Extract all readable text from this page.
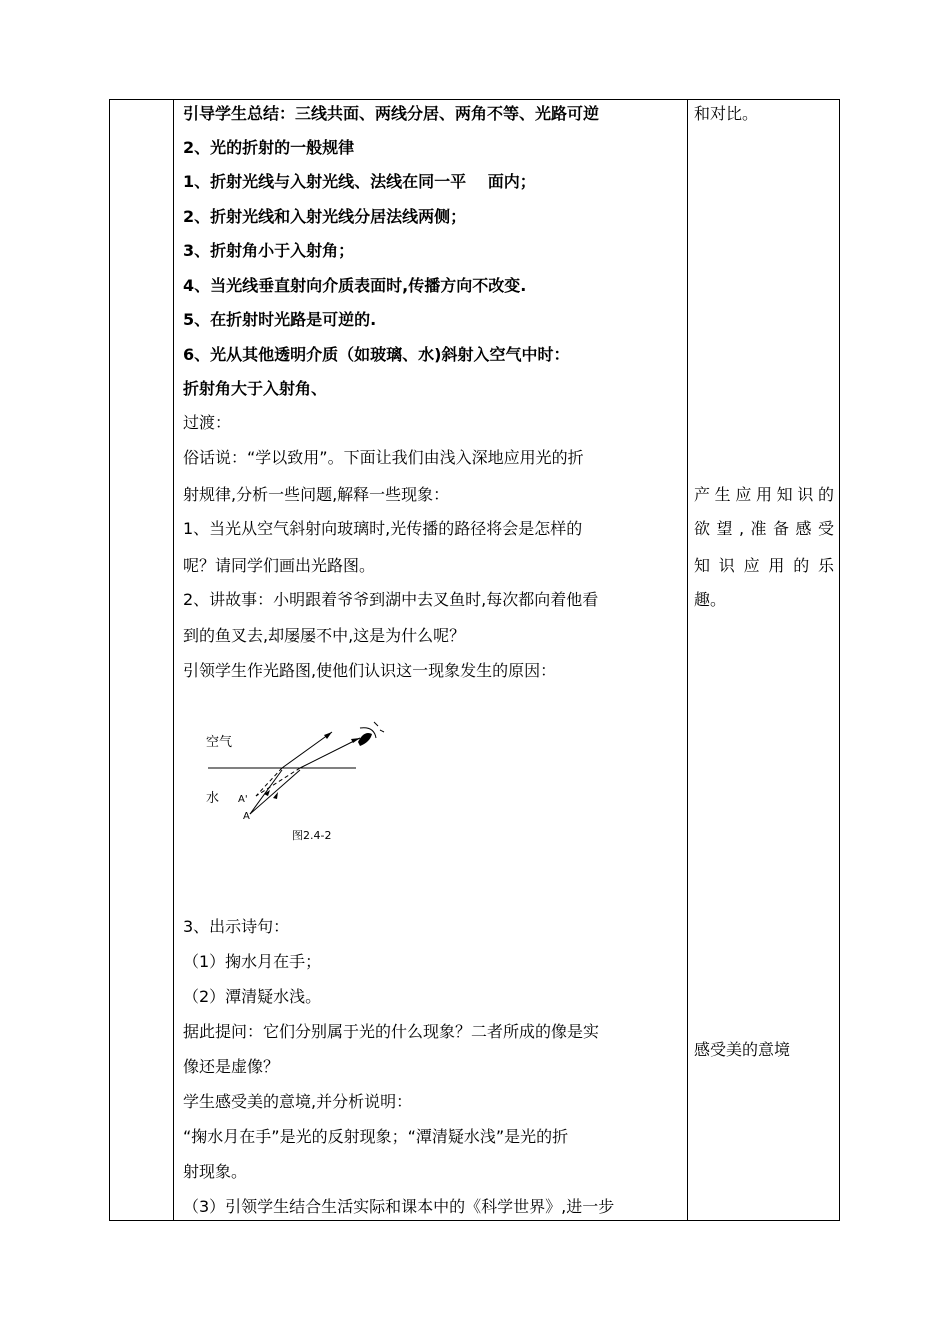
引导学生总结：三线共面、两线分居、两角不等、光路可逆
2、光的折射的一般规律
1、折射光线与入射光线、法线在同一平　 面内；
2、折射光线和入射光线分居法线两侧；
3、折射角小于入射角；
4、当光线垂直射向介质表面时,传播方向不改变.
5、在折射时光路是可逆的.
6、光从其他透明介质（如玻璃、水)斜射入空气中时：
折射角大于入射角、
过渡：
俗话说：“学以致用”。下面让我们由浅入深地应用光的折
射规律,分析一些问题,解释一些现象：
1、当光从空气斜射向玻璃时,光传播的路径将会是怎样的
呢？请同学们画出光路图。
2、讲故事：小明跟着爷爷到湖中去叉鱼时,每次都向着他看
到的鱼叉去,却屡屡不中,这是为什么呢？
引领学生作光路图,使他们认识这一现象发生的原因：
3、出示诗句：
（1）掬水月在手；
（2）潭清疑水浅。
据此提问：它们分别属于光的什么现象？二者所成的像是实
像还是虚像？
学生感受美的意境,并分析说明：
“掬水月在手”是光的反射现象；“潭清疑水浅”是光的折
射现象。
（3）引领学生结合生活实际和课本中的《科学世界》,进一步
空气
水 A'
A
图2.4-2
和对比。
产生应用知识的
欲望,准备感受
知识应用的乐
趣。
感受美的意境
